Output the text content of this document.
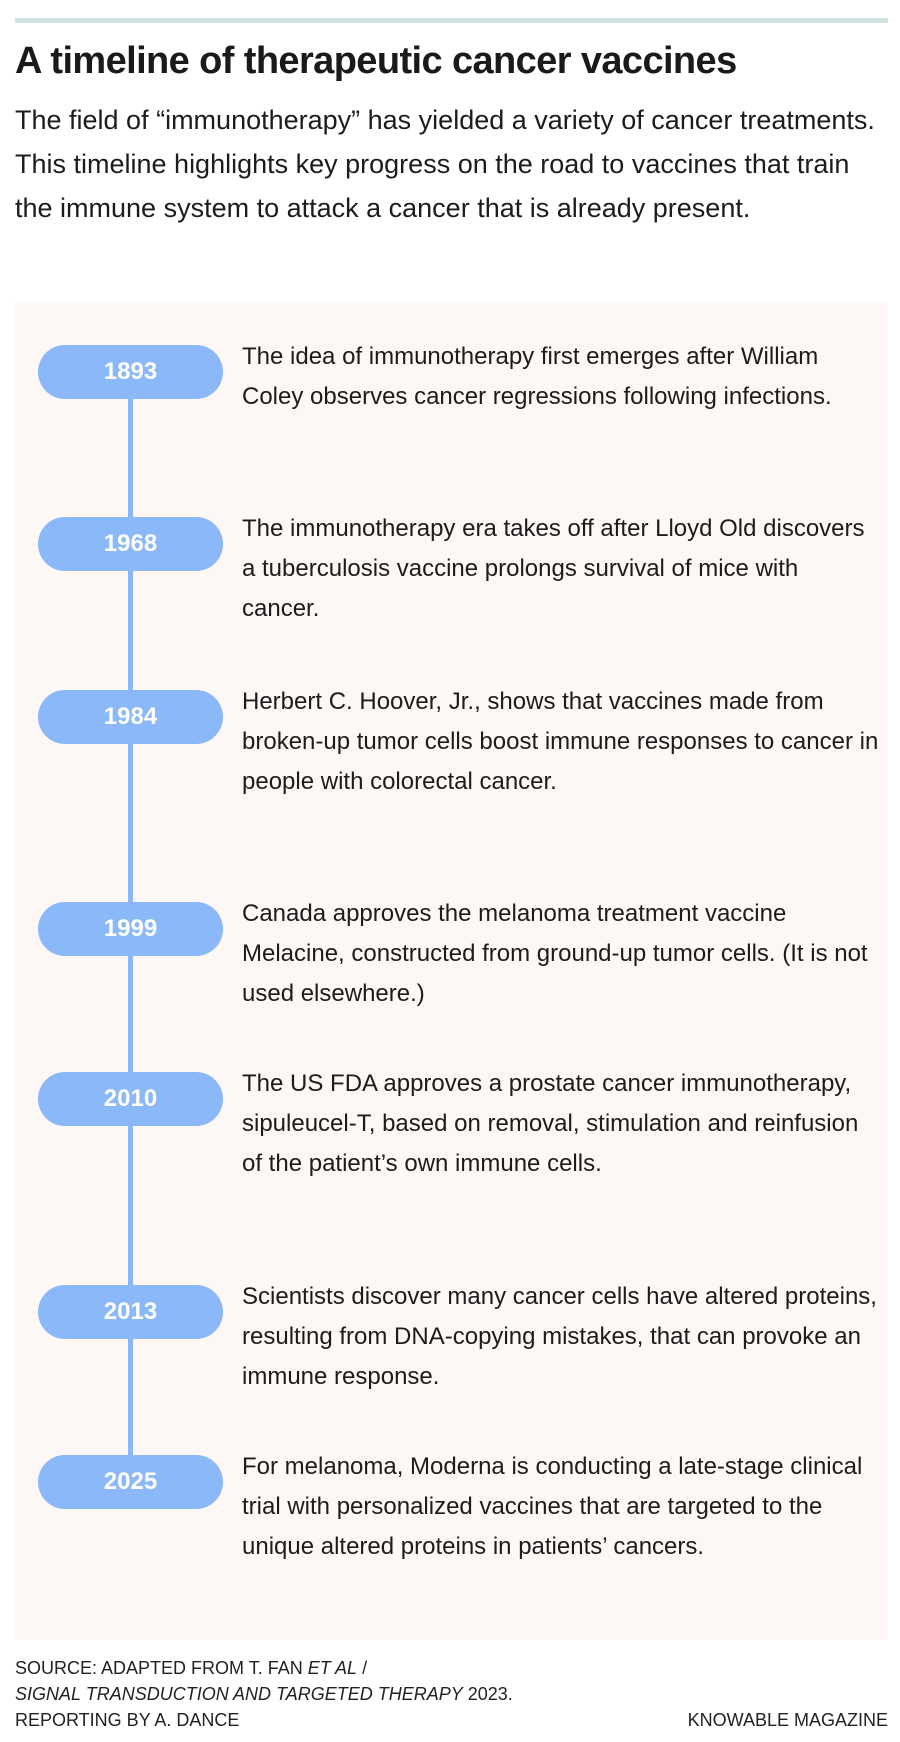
A timeline of therapeutic cancer vaccines

The field of “immunotherapy” has yielded a variety of cancer treatments. This timeline highlights key progress on the road to vaccines that train the immune system to attack a cancer that is already present.

1893
The idea of immunotherapy first emerges after William Coley observes cancer regressions following infections.
1968
The immunotherapy era takes off after Lloyd Old discovers a tuberculosis vaccine prolongs survival of mice with cancer.
1984
Herbert C. Hoover, Jr., shows that vaccines made from broken-up tumor cells boost immune responses to cancer in people with colorectal cancer.
1999
Canada approves the melanoma treatment vaccine Melacine, constructed from ground-up tumor cells. (It is not used elsewhere.)
2010
The US FDA approves a prostate cancer immunotherapy, sipuleucel-T, based on removal, stimulation and reinfusion of the patient’s own immune cells.
2013
Scientists discover many cancer cells have altered proteins, resulting from DNA-copying mistakes, that can provoke an immune response.
2025
For melanoma, Moderna is conducting a late-stage clinical trial with personalized vaccines that are targeted to the unique altered proteins in patients’ cancers.
SOURCE: ADAPTED FROM T. FAN ET AL /
SIGNAL TRANSDUCTION AND TARGETED THERAPY 2023.
REPORTING BY A. DANCE	KNOWABLE MAGAZINE
